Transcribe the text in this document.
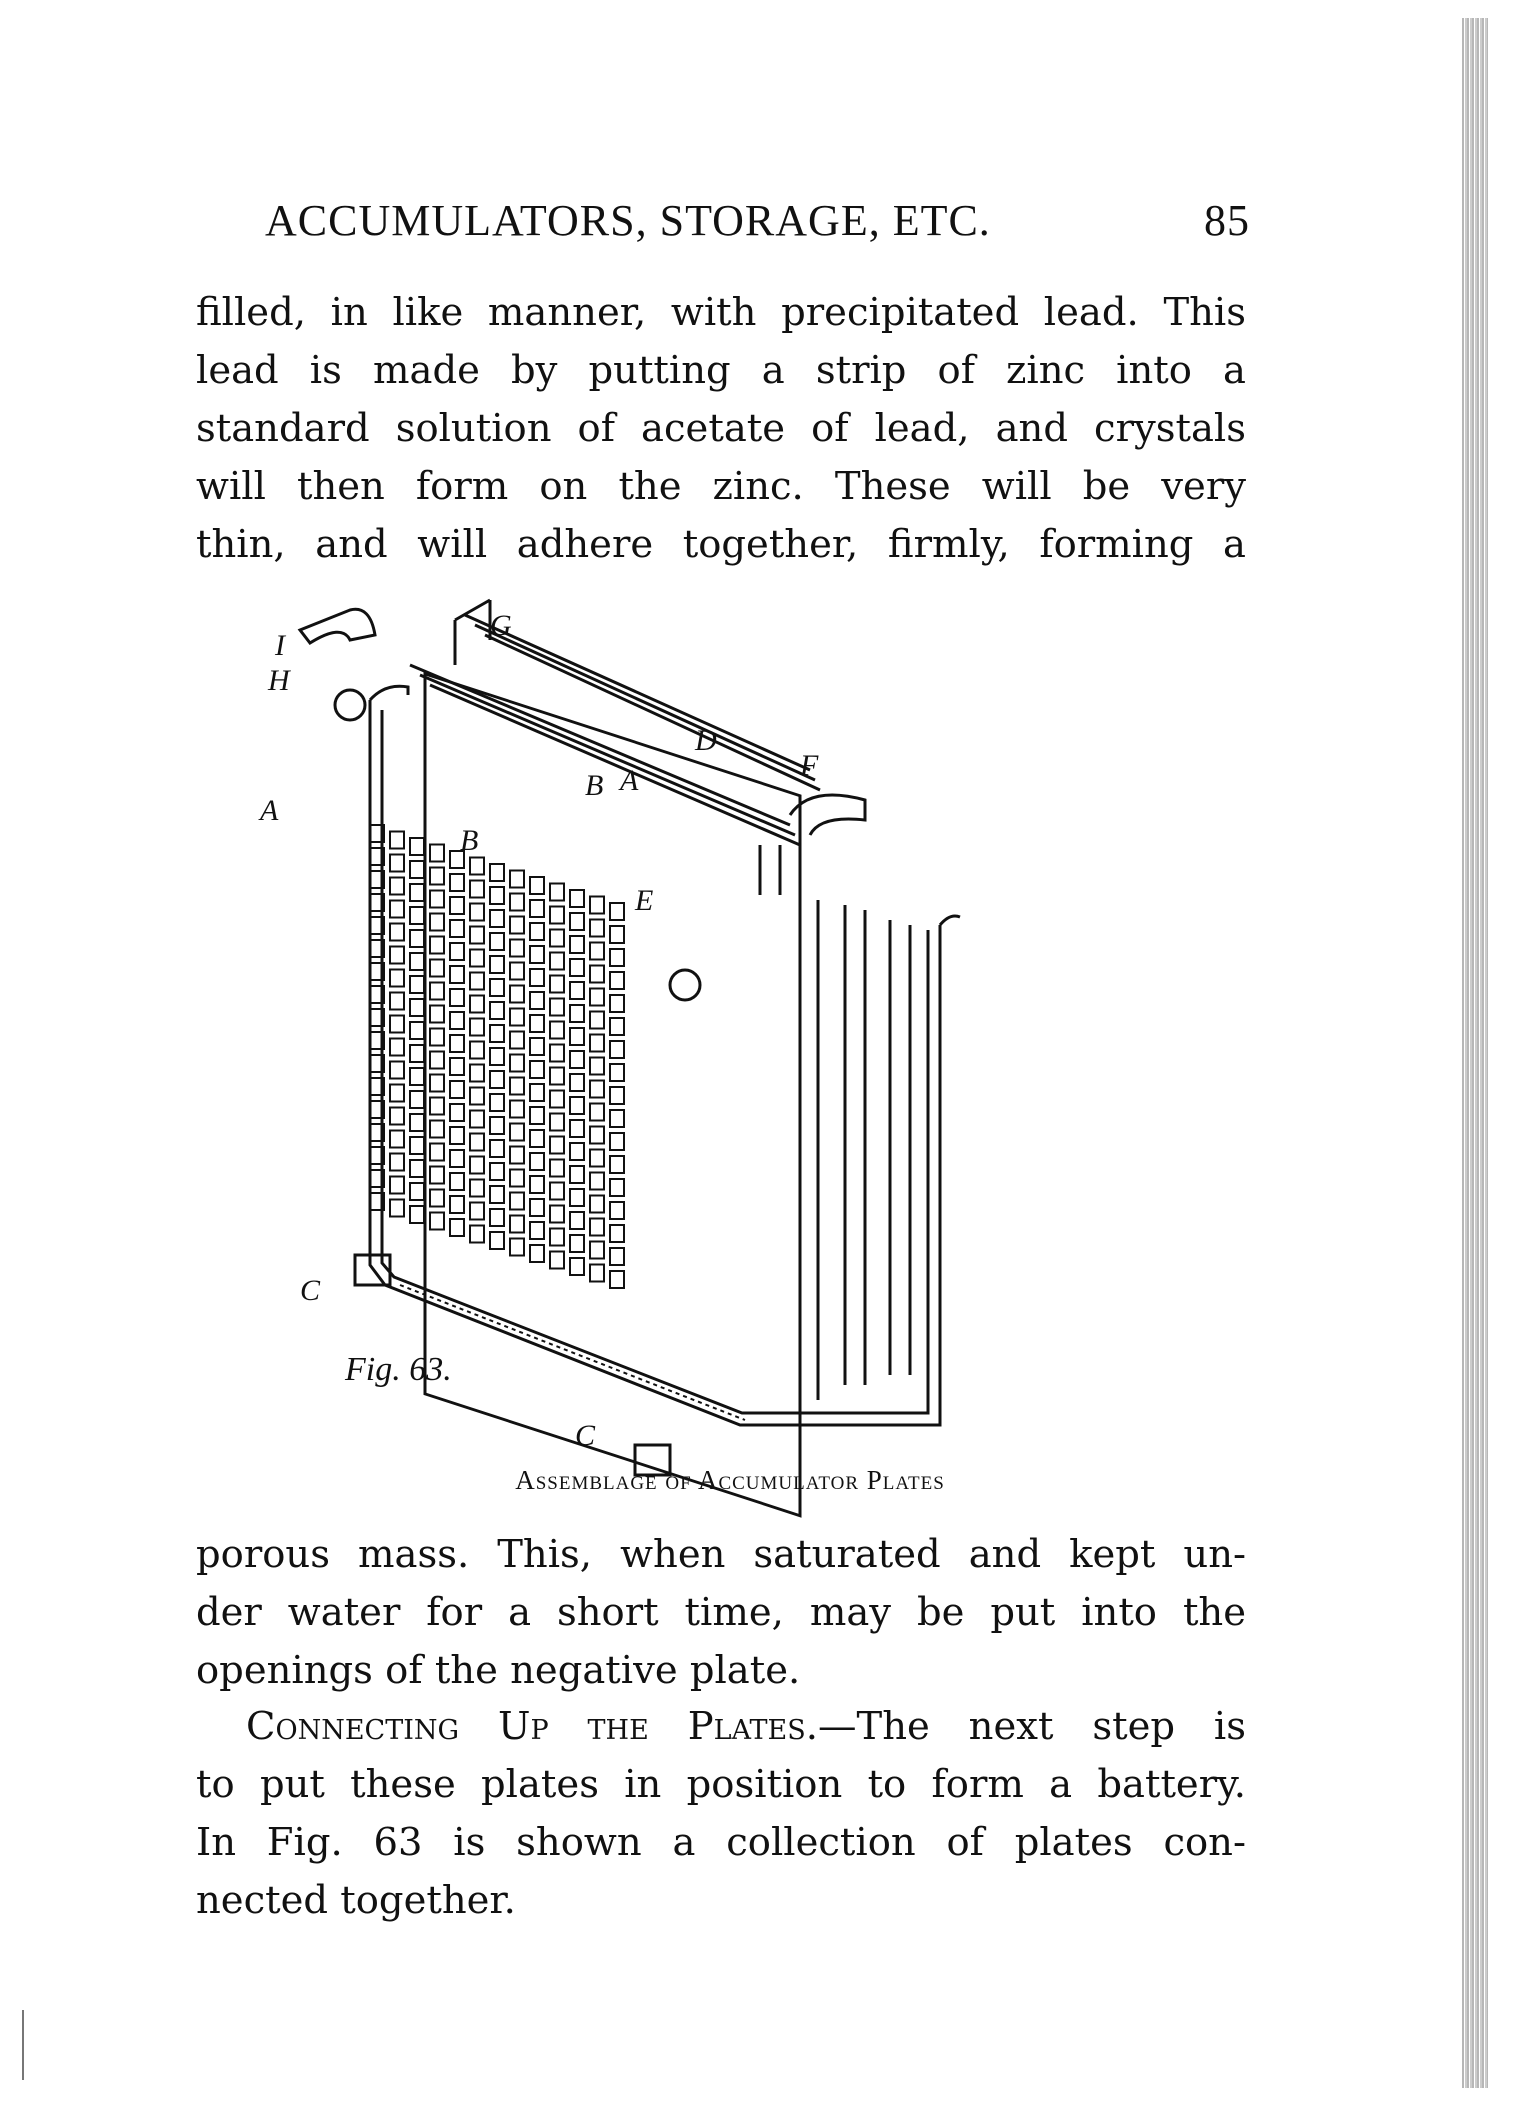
ACCUMULATORS, STORAGE, ETC.	85
filled, in like manner, with precipitated lead. This
lead is made by putting a strip of zinc into a
standard solution of acetate of lead, and crystals
will then form on the zinc. These will be very
thin, and will adhere together, firmly, forming a
I
H
A
G
B A
B
D
F
E
C
C
Fig. 63.
Assemblage of Accumulator Plates
porous mass. This, when saturated and kept un-
der water for a short time, may be put into the
openings of the negative plate.
Connecting Up the Plates.—The next step is
to put these plates in position to form a battery.
In Fig. 63 is shown a collection of plates con-
nected together.
